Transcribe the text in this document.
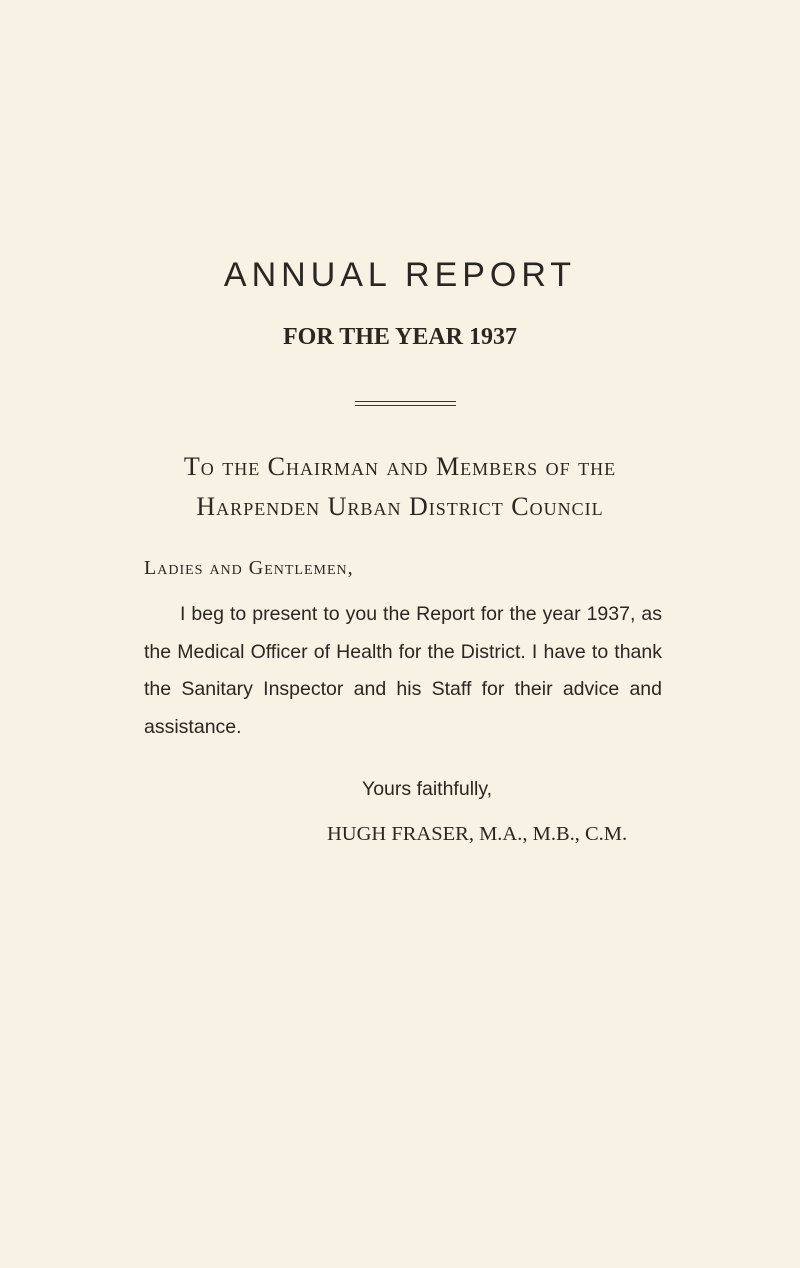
ANNUAL REPORT
FOR THE YEAR 1937
To the Chairman and Members of the
Harpenden Urban District Council
Ladies and Gentlemen,

I beg to present to you the Report for the year 1937, as the Medical Officer of Health for the District. I have to thank the Sanitary Inspector and his Staff for their advice and assistance.

Yours faithfully,
HUGH FRASER, M.A., M.B., C.M.
